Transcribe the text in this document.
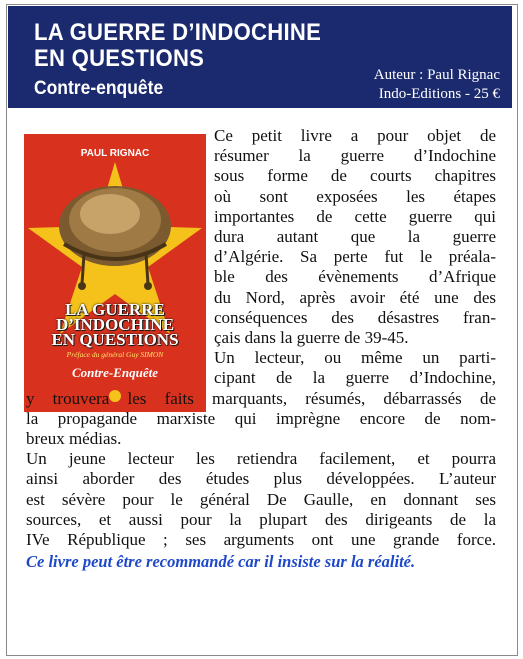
LA GUERRE D’INDOCHINE
EN QUESTIONS
Contre-enquête
Auteur : Paul Rignac
Indo-Editions - 25 €
PAUL RIGNAC
LA GUERRE
D’INDOCHINE
EN QUESTIONS
Préface du général Guy SIMON
Contre-Enquête
Ce petit livre a pour objet de
résumer la guerre d’Indochine
sous forme de courts chapitres
où sont exposées les étapes
importantes de cette guerre qui
dura autant que la guerre
d’Algérie. Sa perte fut le préala-
ble des évènements d’Afrique
du Nord, après avoir été une des
conséquences des désastres fran-
çais dans la guerre de 39-45.
Un lecteur, ou même un parti-
cipant de la guerre d’Indochine,
y trouvera les faits marquants, résumés, débarrassés de
la propagande marxiste qui imprègne encore de nom-
breux médias.
Un jeune lecteur les retiendra facilement, et pourra
ainsi aborder des études plus développées. L’auteur
est sévère pour le général De Gaulle, en donnant ses
sources, et aussi pour la plupart des dirigeants de la
IVe République ; ses arguments ont une grande force.
Ce livre peut être recommandé car il insiste sur la réalité.
